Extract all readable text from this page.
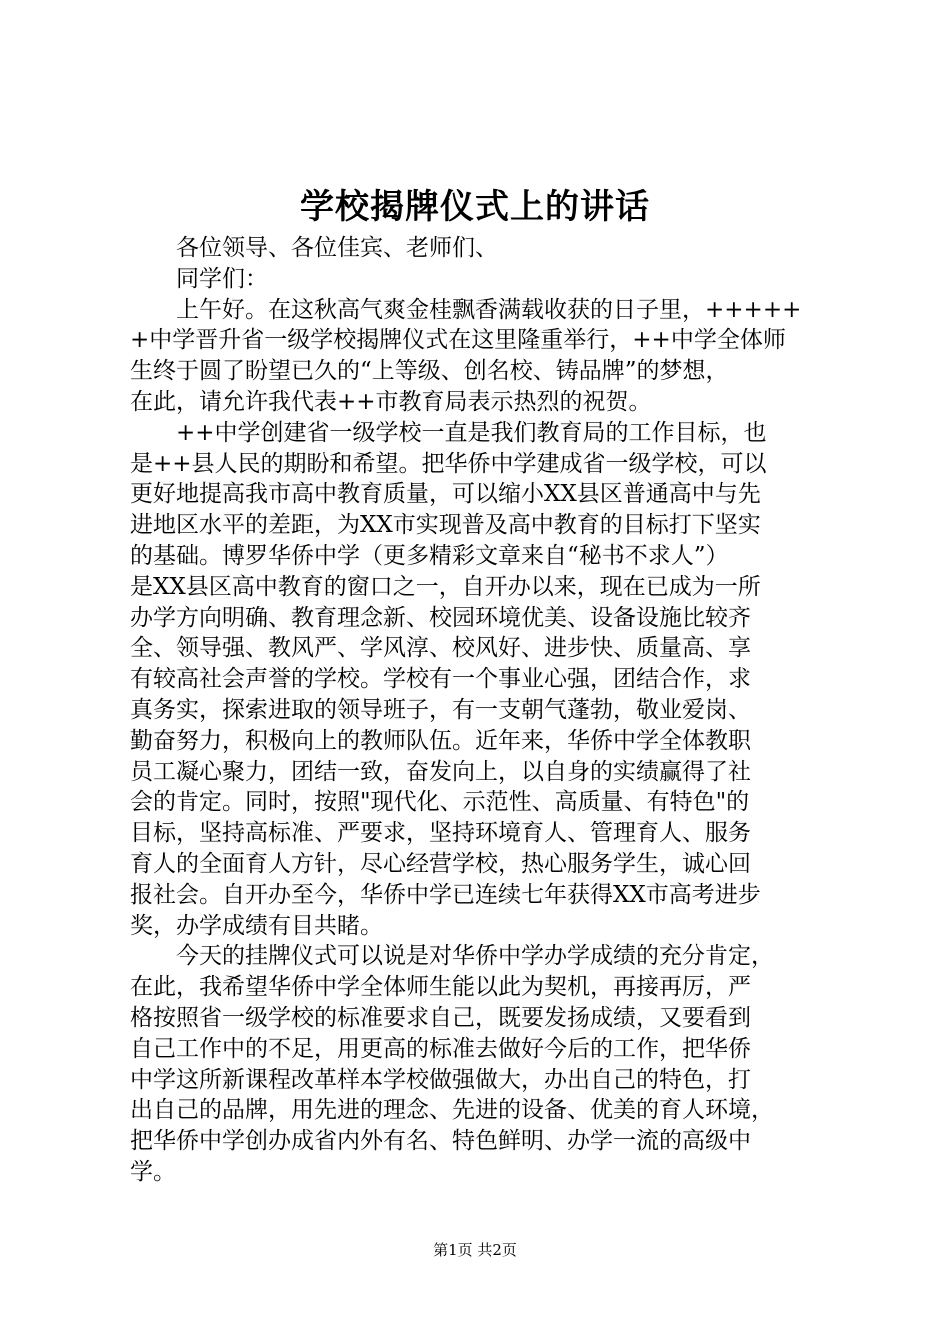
学校揭牌仪式上的讲话
各位领导、各位佳宾、老师们、
同学们：
上午好。在这秋高气爽金桂飘香满载收获的日子里，+++++
+中学晋升省一级学校揭牌仪式在这里隆重举行，++中学全体师
生终于圆了盼望已久的“上等级、创名校、铸品牌”的梦想，
在此，请允许我代表++市教育局表示热烈的祝贺。
++中学创建省一级学校一直是我们教育局的工作目标，也
是++县人民的期盼和希望。把华侨中学建成省一级学校，可以
更好地提高我市高中教育质量，可以缩小XX县区普通高中与先
进地区水平的差距，为XX市实现普及高中教育的目标打下坚实
的基础。博罗华侨中学（更多精彩文章来自“秘书不求人”）
是XX县区高中教育的窗口之一，自开办以来，现在已成为一所
办学方向明确、教育理念新、校园环境优美、设备设施比较齐
全、领导强、教风严、学风淳、校风好、进步快、质量高、享
有较高社会声誉的学校。学校有一个事业心强，团结合作，求
真务实，探索进取的领导班子，有一支朝气蓬勃，敬业爱岗、
勤奋努力，积极向上的教师队伍。近年来，华侨中学全体教职
员工凝心聚力，团结一致，奋发向上，以自身的实绩赢得了社
会的肯定。同时，按照"现代化、示范性、高质量、有特色"的
目标，坚持高标准、严要求，坚持环境育人、管理育人、服务
育人的全面育人方针，尽心经营学校，热心服务学生，诚心回
报社会。自开办至今，华侨中学已连续七年获得XX市高考进步
奖，办学成绩有目共睹。
今天的挂牌仪式可以说是对华侨中学办学成绩的充分肯定，
在此，我希望华侨中学全体师生能以此为契机，再接再厉，严
格按照省一级学校的标准要求自己，既要发扬成绩，又要看到
自己工作中的不足，用更高的标准去做好今后的工作，把华侨
中学这所新课程改革样本学校做强做大，办出自己的特色，打
出自己的品牌，用先进的理念、先进的设备、优美的育人环境，
把华侨中学创办成省内外有名、特色鲜明、办学一流的高级中
学。
第1页 共2页
